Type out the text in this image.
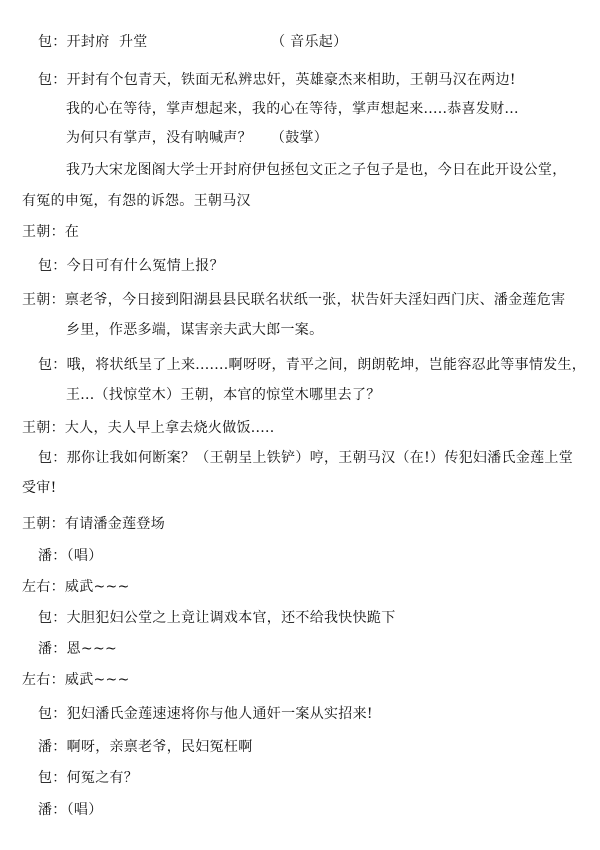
包：开封府  升堂                          （ 音乐起）
包：开封有个包青天，铁面无私辨忠奸，英雄豪杰来相助，王朝马汉在两边!
我的心在等待，掌声想起来，我的心在等待，掌声想起来.....恭喜发财...
为何只有掌声，没有呐喊声？    （鼓掌）
我乃大宋龙图阁大学士开封府伊包拯包文正之子包子是也，今日在此开设公堂，
有冤的申冤，有怨的诉怨。王朝马汉
王朝：在
包：今日可有什么冤情上报？
王朝：禀老爷，今日接到阳湖县县民联名状纸一张，状告奸夫淫妇西门庆、潘金莲危害
乡里，作恶多端，谋害亲夫武大郎一案。
包：哦，将状纸呈了上来.......啊呀呀，青平之间，朗朗乾坤，岂能容忍此等事情发生，
王...（找惊堂木）王朝，本官的惊堂木哪里去了？
王朝：大人，夫人早上拿去烧火做饭.....
包：那你让我如何断案？（王朝呈上铁铲）哼，王朝马汉（在!）传犯妇潘氏金莲上堂
受审!
王朝：有请潘金莲登场
潘：（唱）
左右：威武~~~
包：大胆犯妇公堂之上竟让调戏本官，还不给我快快跪下
潘：恩~~~
左右：威武~~~
包：犯妇潘氏金莲速速将你与他人通奸一案从实招来!
潘：啊呀，亲禀老爷，民妇冤枉啊
包：何冤之有？
潘：（唱）
